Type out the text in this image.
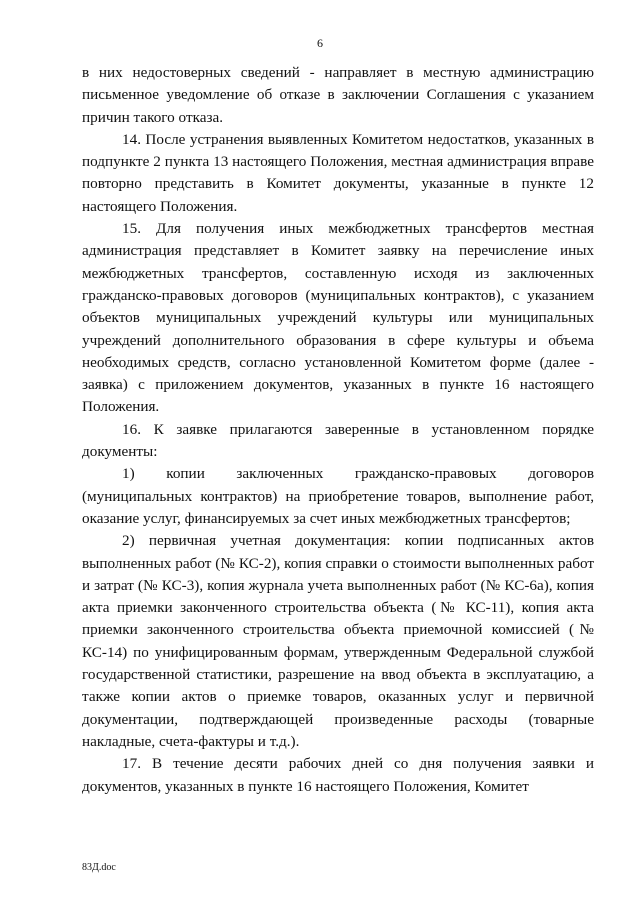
6

в них недостоверных сведений - направляет в местную администрацию письменное уведомление об отказе в заключении Соглашения с указанием причин такого отказа.

14. После устранения выявленных Комитетом недостатков, указанных в подпункте 2 пункта 13 настоящего Положения, местная администрация вправе повторно представить в Комитет документы, указанные в пункте 12 настоящего Положения.

15. Для получения иных межбюджетных трансфертов местная администрация представляет в Комитет заявку на перечисление иных межбюджетных трансфертов, составленную исходя из заключенных гражданско-правовых договоров (муниципальных контрактов), с указанием объектов муниципальных учреждений культуры или муниципальных учреждений дополнительного образования в сфере культуры и объема необходимых средств, согласно установленной Комитетом форме (далее - заявка) с приложением документов, указанных в пункте 16 настоящего Положения.

16. К заявке прилагаются заверенные в установленном порядке документы:

1) копии заключенных гражданско-правовых договоров (муниципальных контрактов) на приобретение товаров, выполнение работ, оказание услуг, финансируемых за счет иных межбюджетных трансфертов;

2) первичная учетная документация: копии подписанных актов выполненных работ (№ КС-2), копия справки о стоимости выполненных работ и затрат (№ КС-3), копия журнала учета выполненных работ (№ КС-6а), копия акта приемки законченного строительства объекта (№ КС-11), копия акта приемки законченного строительства объекта приемочной комиссией (№ КС-14) по унифицированным формам, утвержденным Федеральной службой государственной статистики, разрешение на ввод объекта в эксплуатацию, а также копии актов о приемке товаров, оказанных услуг и первичной документации, подтверждающей произведенные расходы (товарные накладные, счета-фактуры и т.д.).

17. В течение десяти рабочих дней со дня получения заявки и документов, указанных в пункте 16 настоящего Положения, Комитет

83Д.doc
